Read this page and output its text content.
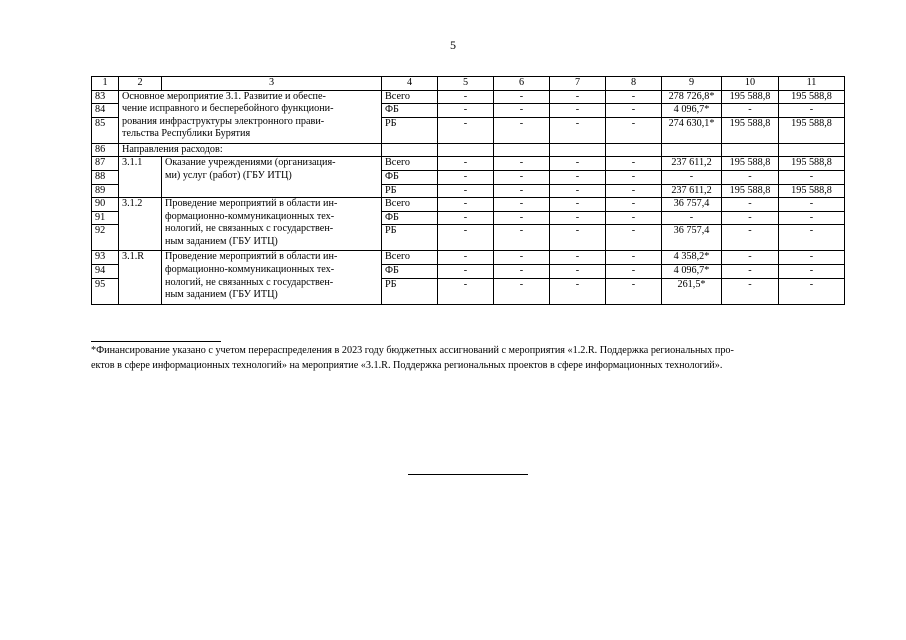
5
1	2	3	4	5	6	7	8	9	10	11
83	Основное мероприятие 3.1. Развитие и обеспе-
чение исправного и бесперебойного функциони-
рования инфраструктуры электронного прави-
тельства Республики Бурятия		Всего	-	-	-	-	278 726,8*	195 588,8	195 588,8
84			ФБ	-	-	-	-	4 096,7*	-	-
85			РБ	-	-	-	-	274 630,1*	195 588,8	195 588,8
86	Направления расходов:									
87	3.1.1	Оказание учреждениями (организация-
ми) услуг (работ) (ГБУ ИТЦ)	Всего	-	-	-	-	237 611,2	195 588,8	195 588,8
88			ФБ	-	-	-	-	-	-	-
89			РБ	-	-	-	-	237 611,2	195 588,8	195 588,8
90	3.1.2	Проведение мероприятий в области ин-
формационно-коммуникационных тех-
нологий, не связанных с государствен-
ным заданием (ГБУ ИТЦ)	Всего	-	-	-	-	36 757,4	-	-
91			ФБ	-	-	-	-	-	-	-
92			РБ	-	-	-	-	36 757,4	-	-
93	3.1.R	Проведение мероприятий в области ин-
формационно-коммуникационных тех-
нологий, не связанных с государствен-
ным заданием (ГБУ ИТЦ)	Всего	-	-	-	-	4 358,2*	-	-
94			ФБ	-	-	-	-	4 096,7*	-	-
95			РБ	-	-	-	-	261,5*	-	-
*Финансирование указано с учетом перераспределения в 2023 году бюджетных ассигнований с мероприятия «1.2.R. Поддержка региональных про-
ектов в сфере информационных технологий» на мероприятие «3.1.R. Поддержка региональных проектов в сфере информационных технологий».
